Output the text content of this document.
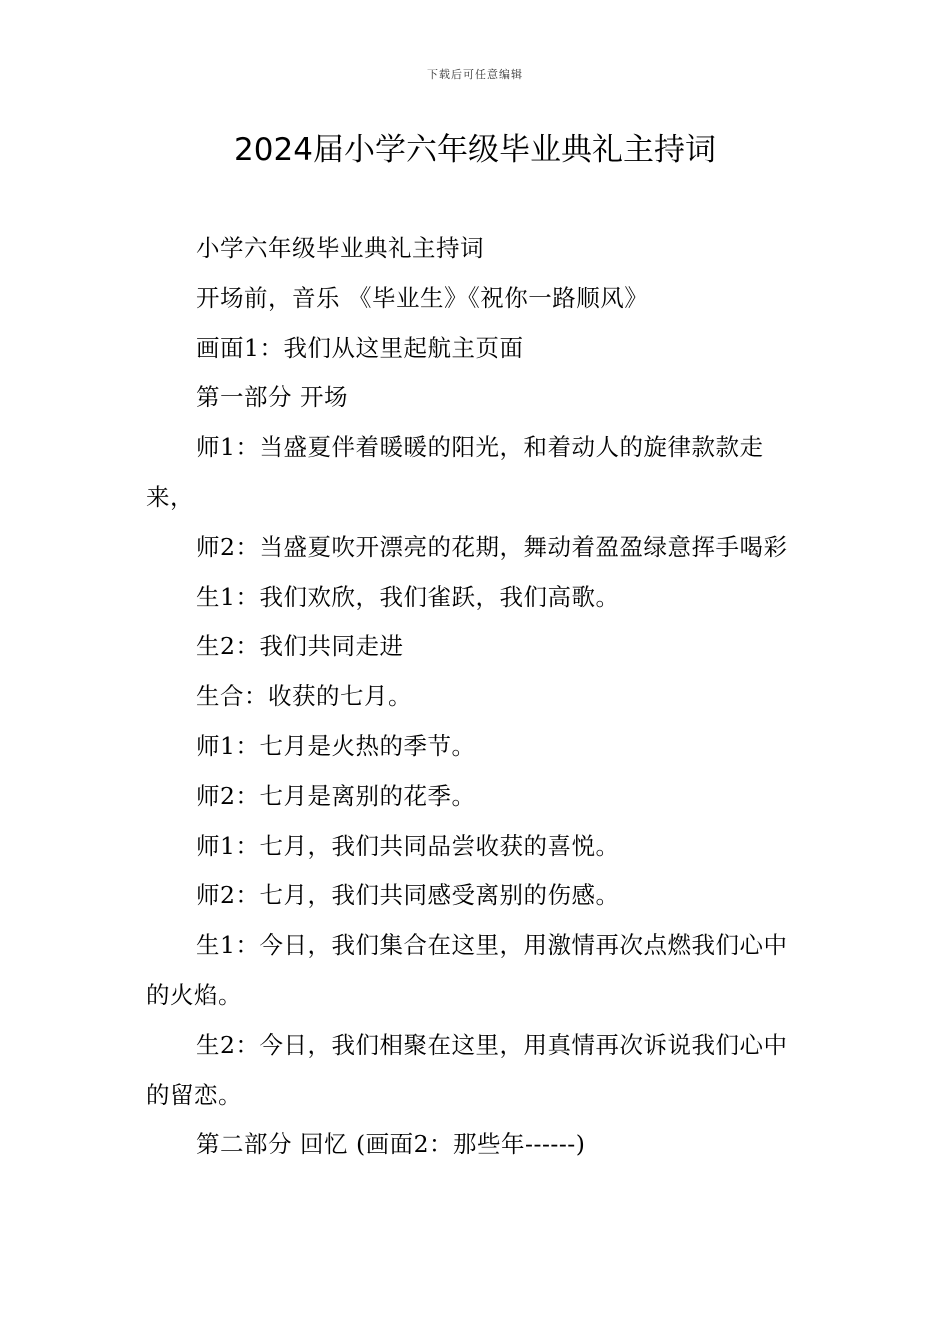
下载后可任意编辑
2024届小学六年级毕业典礼主持词

小学六年级毕业典礼主持词

开场前，音乐 《毕业生》《祝你一路顺风》

画面1：我们从这里起航主页面

第一部分 开场

师1：当盛夏伴着暖暖的阳光，和着动人的旋律款款走来，

师2：当盛夏吹开漂亮的花期，舞动着盈盈绿意挥手喝彩

生1：我们欢欣，我们雀跃，我们高歌。

生2：我们共同走进

生合：收获的七月。

师1：七月是火热的季节。

师2：七月是离别的花季。

师1：七月，我们共同品尝收获的喜悦。

师2：七月，我们共同感受离别的伤感。

生1：今日，我们集合在这里，用激情再次点燃我们心中的火焰。

生2：今日，我们相聚在这里，用真情再次诉说我们心中的留恋。

第二部分 回忆 (画面2：那些年------)
